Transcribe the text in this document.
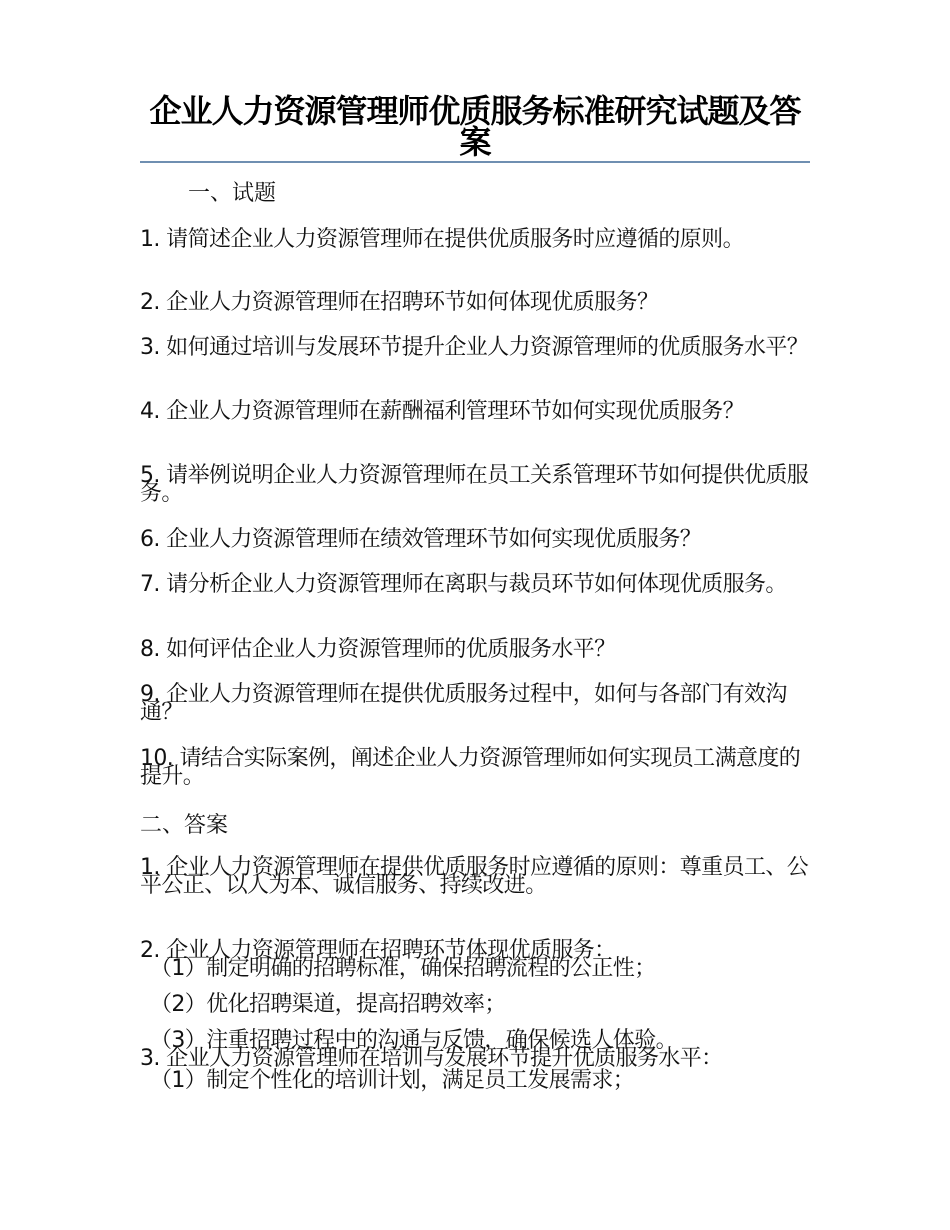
企业人力资源管理师优质服务标准研究试题及答案
一、试题

1. 请简述企业人力资源管理师在提供优质服务时应遵循的原则。

2. 企业人力资源管理师在招聘环节如何体现优质服务？

3. 如何通过培训与发展环节提升企业人力资源管理师的优质服务水平？

4. 企业人力资源管理师在薪酬福利管理环节如何实现优质服务？

5. 请举例说明企业人力资源管理师在员工关系管理环节如何提供优质服务。

6. 企业人力资源管理师在绩效管理环节如何实现优质服务？

7. 请分析企业人力资源管理师在离职与裁员环节如何体现优质服务。

8. 如何评估企业人力资源管理师的优质服务水平？

9. 企业人力资源管理师在提供优质服务过程中，如何与各部门有效沟通？

10. 请结合实际案例，阐述企业人力资源管理师如何实现员工满意度的提升。

二、答案

1. 企业人力资源管理师在提供优质服务时应遵循的原则：尊重员工、公平公正、以人为本、诚信服务、持续改进。

2. 企业人力资源管理师在招聘环节体现优质服务：

（1）制定明确的招聘标准，确保招聘流程的公正性；

（2）优化招聘渠道，提高招聘效率；

（3）注重招聘过程中的沟通与反馈，确保候选人体验。

3. 企业人力资源管理师在培训与发展环节提升优质服务水平：

（1）制定个性化的培训计划，满足员工发展需求；
